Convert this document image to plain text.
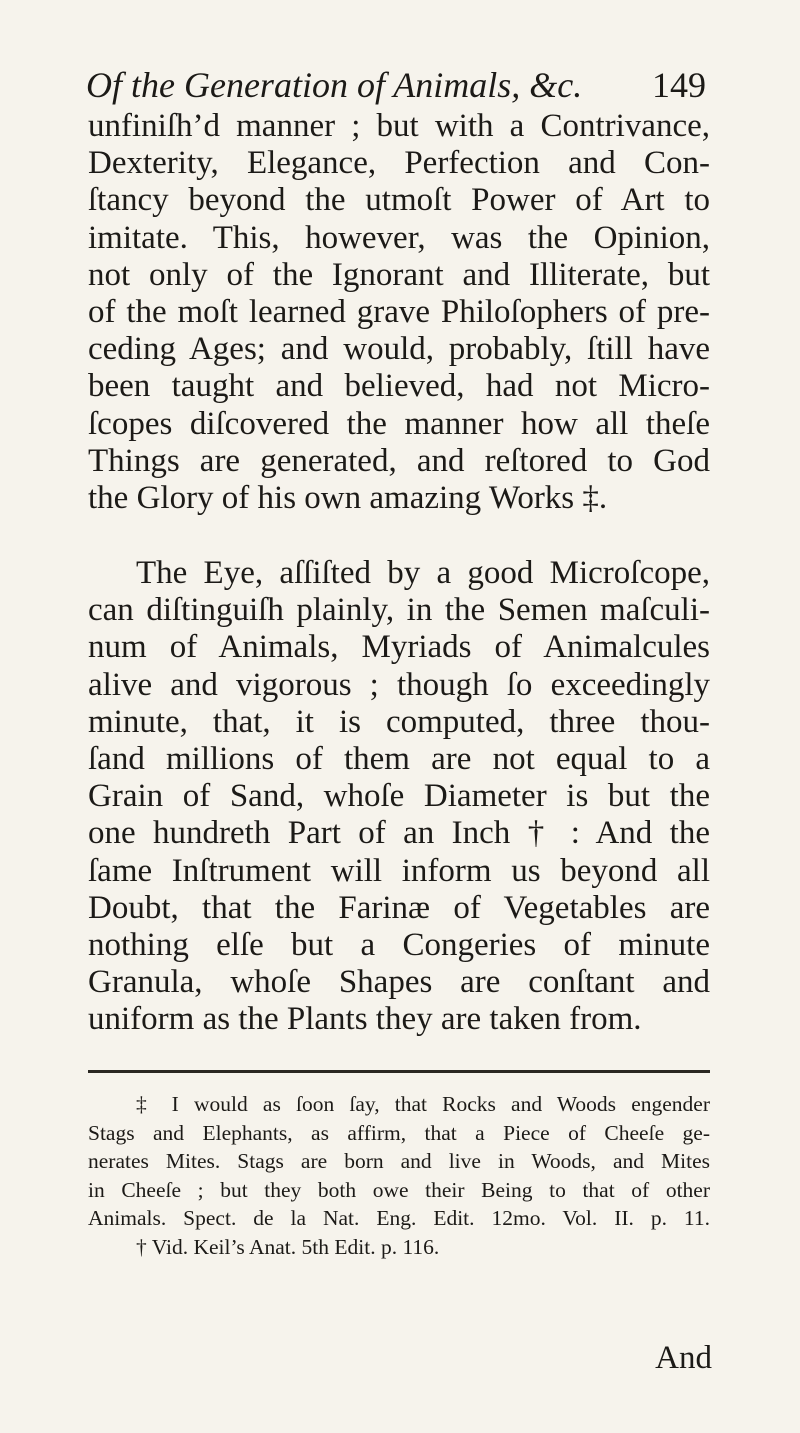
Of the Generation of Animals, &c. 149
unfiniſh’d manner ; but with a Contrivance,
Dexterity, Elegance, Perfection and Con-
ſtancy beyond the utmoſt Power of Art to
imitate. This, however, was the Opinion,
not only of the Ignorant and Illiterate, but
of the moſt learned grave Philoſophers of pre-
ceding Ages; and would, probably, ſtill have
been taught and believed, had not Micro-
ſcopes diſcovered the manner how all theſe
Things are generated, and reſtored to God
the Glory of his own amazing Works ‡.
The Eye, aſſiſted by a good Microſcope,
can diſtinguiſh plainly, in the Semen maſculi-
num of Animals, Myriads of Animalcules
alive and vigorous ; though ſo exceedingly
minute, that, it is computed, three thou-
ſand millions of them are not equal to a
Grain of Sand, whoſe Diameter is but the
one hundreth Part of an Inch † : And the
ſame Inſtrument will inform us beyond all
Doubt, that the Farinæ of Vegetables are
nothing elſe but a Congeries of minute
Granula, whoſe Shapes are conſtant and
uniform as the Plants they are taken from.
‡ I would as ſoon ſay, that Rocks and Woods engender
Stags and Elephants, as affirm, that a Piece of Cheeſe ge-
nerates Mites. Stags are born and live in Woods, and Mites
in Cheeſe ; but they both owe their Being to that of other
Animals. Spect. de la Nat. Eng. Edit. 12mo. Vol. II. p. 11.
† Vid. Keil’s Anat. 5th Edit. p. 116.
And
